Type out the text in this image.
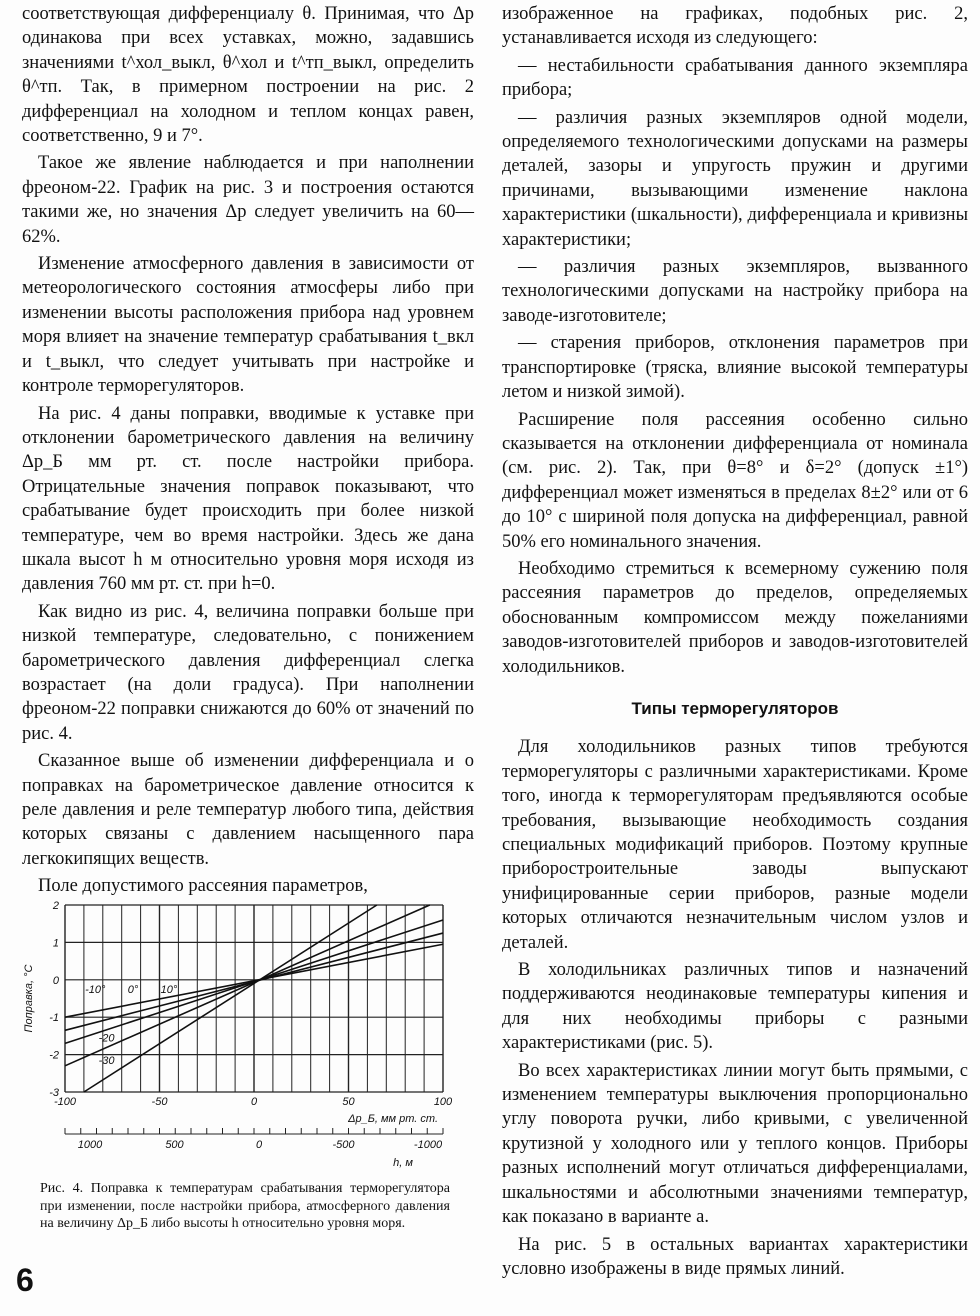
соответствующая дифференциалу θ. Принимая, что Δp одинакова при всех уставках, можно, задавшись значениями t^хол_выкл, θ^хол и t^тп_выкл, определить θ^тп. Так, в примерном построении на рис. 2 дифференциал на холодном и теплом концах равен, соответственно, 9 и 7°.

Такое же явление наблюдается и при наполнении фреоном-22. График на рис. 3 и построения остаются такими же, но значения Δp следует увеличить на 60—62%.

Изменение атмосферного давления в зависимости от метеорологического состояния атмосферы либо при изменении высоты расположения прибора над уровнем моря влияет на значение температур срабатывания t_вкл и t_выкл, что следует учитывать при настройке и контроле терморегуляторов.

На рис. 4 даны поправки, вводимые к уставке при отклонении барометрического давления на величину Δp_Б мм рт. ст. после настройки прибора. Отрицательные значения поправок показывают, что срабатывание будет происходить при более низкой температуре, чем во время настройки. Здесь же дана шкала высот h м относительно уровня моря исходя из давления 760 мм рт. ст. при h=0.

Как видно из рис. 4, величина поправки больше при низкой температуре, следовательно, с понижением барометрического давления дифференциал слегка возрастает (на доли градуса). При наполнении фреоном-22 поправки снижаются до 60% от значений по рис. 4.

Сказанное выше об изменении дифференциала и о поправках на барометрическое давление относится к реле давления и реле температур любого типа, действия которых связаны с давлением насыщенного пара легкокипящих веществ.

Поле допустимого рассеяния параметров,

изображенное на графиках, подобных рис. 2, устанавливается исходя из следующего:

— нестабильности срабатывания данного экземпляра прибора;

— различия разных экземпляров одной модели, определяемого технологическими допусками на размеры деталей, зазоры и упругость пружин и другими причинами, вызывающими изменение наклона характеристики (шкальности), дифференциала и кривизны характеристики;

— различия разных экземпляров, вызванного технологическими допусками на настройку прибора на заводе-изготовителе;

— старения приборов, отклонения параметров при транспортировке (тряска, влияние высокой температуры летом и низкой зимой).

Расширение поля рассеяния особенно сильно сказывается на отклонении дифференциала от номинала (см. рис. 2). Так, при θ=8° и δ=2° (допуск ±1°) дифференциал может изменяться в пределах 8±2° или от 6 до 10° с шириной поля допуска на дифференциал, равной 50% его номинального значения.

Необходимо стремиться к всемерному сужению поля рассеяния параметров до пределов, определяемых обоснованным компромиссом между пожеланиями заводов-изготовителей приборов и заводов-изготовителей холодильников.

Типы терморегуляторов

Для холодильников разных типов требуются терморегуляторы с различными характеристиками. Кроме того, иногда к терморегуляторам предъявляются особые требования, вызывающие необходимость создания специальных модификаций приборов. Поэтому крупные приборостроительные заводы выпускают унифицированные серии приборов, разные модели которых отличаются незначительным числом узлов и деталей.

В холодильниках различных типов и назначений поддерживаются неодинаковые температуры кипения и для них необходимы приборы с разными характеристиками (рис. 5).

Во всех характеристиках линии могут быть прямыми, с изменением температуры выключения пропорционально углу поворота ручки, либо кривыми, с увеличенной крутизной у холодного или у теплого концов. Приборы разных исполнений могут отличаться дифференциалами, шкальностями и абсолютными значениями температур, как показано в варианте а.

На рис. 5 в остальных вариантах характеристики условно изображены в виде прямых линий.

-3
-2
-1
0
1
2
-100	-50	0	50	100
Поправка, °С
Δp_Б, мм рт. ст.
1000	500	0	-500	-1000
h, м
10°
0°
-10°
-20
-30
Рис. 4. Поправка к температурам срабатывания терморегулятора при изменении, после настройки прибора, атмосферного давления на величину Δp_Б либо высоты h относительно уровня моря.
6
